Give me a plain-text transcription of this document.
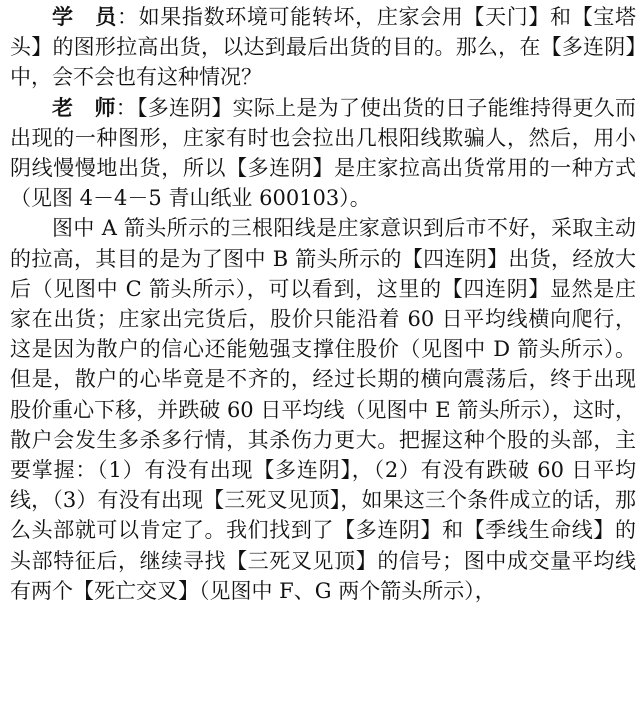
学　员：如果指数环境可能转坏，庄家会用【天门】和【宝塔头】的图形拉高出货，以达到最后出货的目的。那么，在【多连阴】中，会不会也有这种情况？

老　师：【多连阴】实际上是为了使出货的日子能维持得更久而出现的一种图形，庄家有时也会拉出几根阳线欺骗人，然后，用小阴线慢慢地出货，所以【多连阴】是庄家拉高出货常用的一种方式（见图 4－4－5 青山纸业 600103）。

图中 A 箭头所示的三根阳线是庄家意识到后市不好，采取主动的拉高，其目的是为了图中 B 箭头所示的【四连阴】出货，经放大后（见图中 C 箭头所示），可以看到，这里的【四连阴】显然是庄家在出货；庄家出完货后，股价只能沿着 60 日平均线横向爬行，这是因为散户的信心还能勉强支撑住股价（见图中 D 箭头所示）。但是，散户的心毕竟是不齐的，经过长期的横向震荡后，终于出现股价重心下移，并跌破 60 日平均线（见图中 E 箭头所示），这时，散户会发生多杀多行情，其杀伤力更大。把握这种个股的头部，主要掌握：（1）有没有出现【多连阴】，（2）有没有跌破 60 日平均线，（3）有没有出现【三死叉见顶】，如果这三个条件成立的话，那么头部就可以肯定了。我们找到了【多连阴】和【季线生命线】的头部特征后，继续寻找【三死叉见顶】的信号；图中成交量平均线有两个【死亡交叉】（见图中 F、G 两个箭头所示），
